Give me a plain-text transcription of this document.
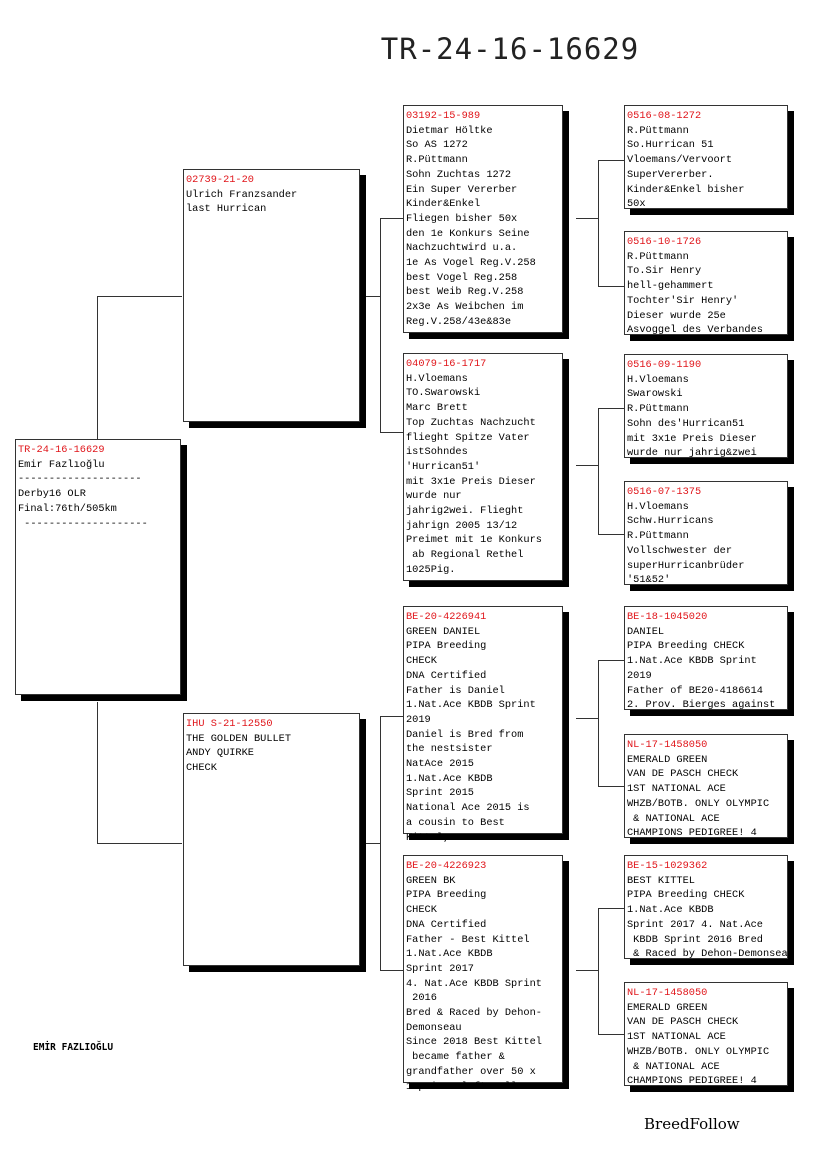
TR-24-16-16629
TR-24-16-16629
Emir Fazlıoğlu
--------------------
Derby16 OLR
Final:76th/505km
--------------------
02739-21-20
Ulrich Franzsander
last Hurrican
IHU S-21-12550
THE GOLDEN BULLET
ANDY QUIRKE
CHECK
03192-15-989
Dietmar Höltke
So AS 1272
R.Püttmann
Sohn Zuchtas 1272
Ein Super Vererber
Kinder&Enkel
Fliegen bisher 50x
den 1e Konkurs Seine
Nachzuchtwird u.a.
1e As Vogel Reg.V.258
best Vogel Reg.258
best Weib Reg.V.258
2x3e As Weibchen im
Reg.V.258/43e&83e
04079-16-1717
H.Vloemans
TO.Swarowski
Marc Brett
Top Zuchtas Nachzucht
flieght Spitze Vater
istSohndes
'Hurrican51'
mit 3x1e Preis Dieser
wurde nur
jahrig2wei. Flieght
jahrign 2005 13/12
Preimet mit 1e Konkurs
ab Regional Rethel
1025Pig.
BE-20-4226941
GREEN DANIEL
PIPA Breeding
CHECK
DNA Certified
Father is Daniel
1.Nat.Ace KBDB Sprint
2019
Daniel is Bred from
the nestsister
NatAce 2015
1.Nat.Ace KBDB
Sprint 2015
National Ace 2015 is
a cousin to Best
Kittel,won
BE-20-4226923
GREEN BK
PIPA Breeding
CHECK
DNA Certified
Father - Best Kittel
1.Nat.Ace KBDB
Sprint 2017
4. Nat.Ace KBDB Sprint
2016
Bred & Raced by Dehon-
Demonseau
Since 2018 Best Kittel
became father &
grandfather over 50 x
1.prizen lofts all over
0516-08-1272
R.Püttmann
So.Hurrican 51
Vloemans/Vervoort
SuperVererber.
Kinder&Enkel bisher
50x
0516-10-1726
R.Püttmann
To.Sir Henry
hell-gehammert
Tochter'Sir Henry'
Dieser wurde 25e
Asvoggel des Verbandes
0516-09-1190
H.Vloemans
Swarowski
R.Püttmann
Sohn des'Hurrican51
mit 3x1e Preis Dieser
wurde nur jahrig&zwei
0516-07-1375
H.Vloemans
Schw.Hurricans
R.Püttmann
Vollschwester der
superHurricanbrüder
'51&52'
BE-18-1045020
DANIEL
PIPA Breeding CHECK
1.Nat.Ace KBDB Sprint
2019
Father of BE20-4186614
2. Prov. Bierges against
NL-17-1458050
EMERALD GREEN
VAN DE PASCH CHECK
1ST NATIONAL ACE
WHZB/BOTB. ONLY OLYMPIC
& NATIONAL ACE
CHAMPIONS PEDIGREE! 4
BE-15-1029362
BEST KITTEL
PIPA Breeding CHECK
1.Nat.Ace KBDB
Sprint 2017 4. Nat.Ace
KBDB Sprint 2016 Bred
& Raced by Dehon-Demonseau
NL-17-1458050
EMERALD GREEN
VAN DE PASCH CHECK
1ST NATIONAL ACE
WHZB/BOTB. ONLY OLYMPIC
& NATIONAL ACE
CHAMPIONS PEDIGREE! 4
EMİR FAZLIOĞLU
BreedFollow
